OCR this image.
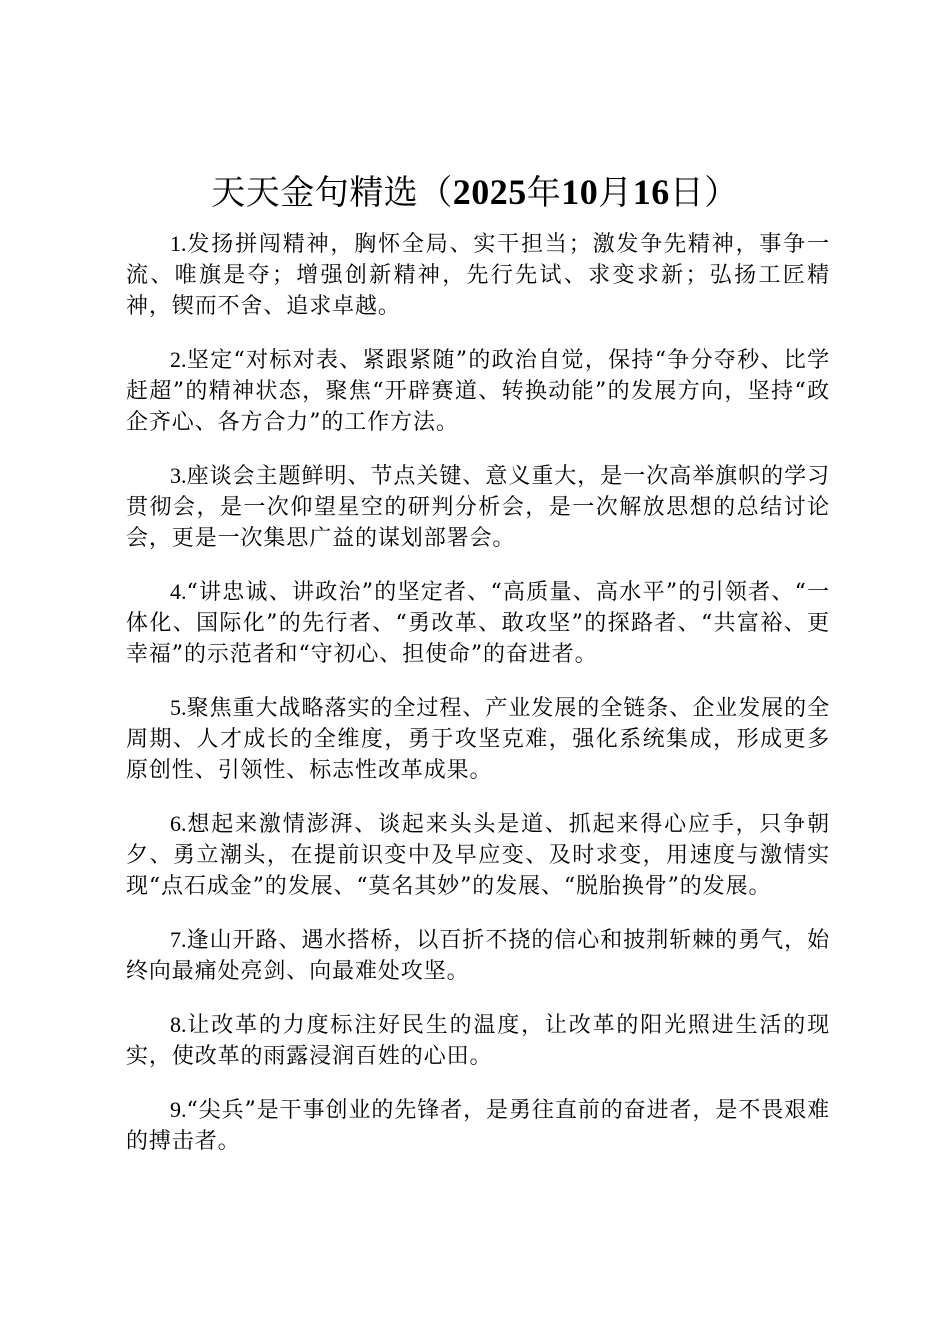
天天金句精选（2025年10月16日）

1.发扬拼闯精神，胸怀全局、实干担当；激发争先精神，事争一流、唯旗是夺；增强创新精神，先行先试、求变求新；弘扬工匠精神，锲而不舍、追求卓越。

2.坚定“对标对表、紧跟紧随”的政治自觉，保持“争分夺秒、比学赶超”的精神状态，聚焦“开辟赛道、转换动能”的发展方向，坚持“政企齐心、各方合力”的工作方法。

3.座谈会主题鲜明、节点关键、意义重大，是一次高举旗帜的学习贯彻会，是一次仰望星空的研判分析会，是一次解放思想的总结讨论会，更是一次集思广益的谋划部署会。

4.“讲忠诚、讲政治”的坚定者、“高质量、高水平”的引领者、“一体化、国际化”的先行者、“勇改革、敢攻坚”的探路者、“共富裕、更幸福”的示范者和“守初心、担使命”的奋进者。

5.聚焦重大战略落实的全过程、产业发展的全链条、企业发展的全周期、人才成长的全维度，勇于攻坚克难，强化系统集成，形成更多原创性、引领性、标志性改革成果。

6.想起来激情澎湃、谈起来头头是道、抓起来得心应手，只争朝夕、勇立潮头，在提前识变中及早应变、及时求变，用速度与激情实现“点石成金”的发展、“莫名其妙”的发展、“脱胎换骨”的发展。

7.逢山开路、遇水搭桥，以百折不挠的信心和披荆斩棘的勇气，始终向最痛处亮剑、向最难处攻坚。

8.让改革的力度标注好民生的温度，让改革的阳光照进生活的现实，使改革的雨露浸润百姓的心田。

9.“尖兵”是干事创业的先锋者，是勇往直前的奋进者，是不畏艰难的搏击者。
